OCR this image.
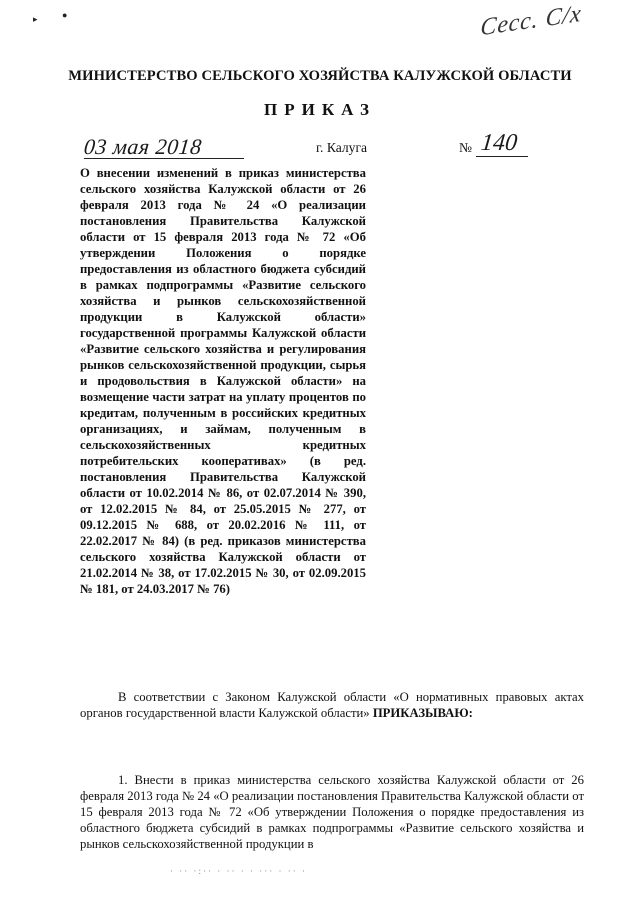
▸	●	Сесс. С/х
МИНИСТЕРСТВО СЕЛЬСКОГО ХОЗЯЙСТВА КАЛУЖСКОЙ ОБЛАСТИ
ПРИКАЗ
03 мая 2018	г. Калуга	№ 140
О внесении изменений в приказ министерства сельского хозяйства Калужской области от 26 февраля 2013 года № 24 «О реализации постановления Правительства Калужской области от 15 февраля 2013 года № 72 «Об утверждении Положения о порядке предоставления из областного бюджета субсидий в рамках подпрограммы «Развитие сельского хозяйства и рынков сельскохозяйственной продукции в Калужской области» государственной программы Калужской области «Развитие сельского хозяйства и регулирования рынков сельскохозяйственной продукции, сырья и продовольствия в Калужской области» на возмещение части затрат на уплату процентов по кредитам, полученным в российских кредитных организациях, и займам, полученным в сельскохозяйственных кредитных потребительских кооперативах» (в ред. постановления Правительства Калужской области от 10.02.2014 № 86, от 02.07.2014 № 390, от 12.02.2015 № 84, от 25.05.2015 № 277, от 09.12.2015 № 688, от 20.02.2016 № 111, от 22.02.2017 № 84) (в ред. приказов министерства сельского хозяйства Калужской области от 21.02.2014 № 38, от 17.02.2015 № 30, от 02.09.2015 № 181, от 24.03.2017 № 76)
В соответствии с Законом Калужской области «О нормативных правовых актах органов государственной власти Калужской области» ПРИКАЗЫВАЮ:
1. Внести в приказ министерства сельского хозяйства Калужской области от 26 февраля 2013 года № 24 «О реализации постановления Правительства Калужской области от 15 февраля 2013 года № 72 «Об утверждении Положения о порядке предоставления из областного бюджета субсидий в рамках подпрограммы «Развитие сельского хозяйства и рынков сельскохозяйственной продукции в
· ·· ·:·· · ·· · · ··· · ·· ·
